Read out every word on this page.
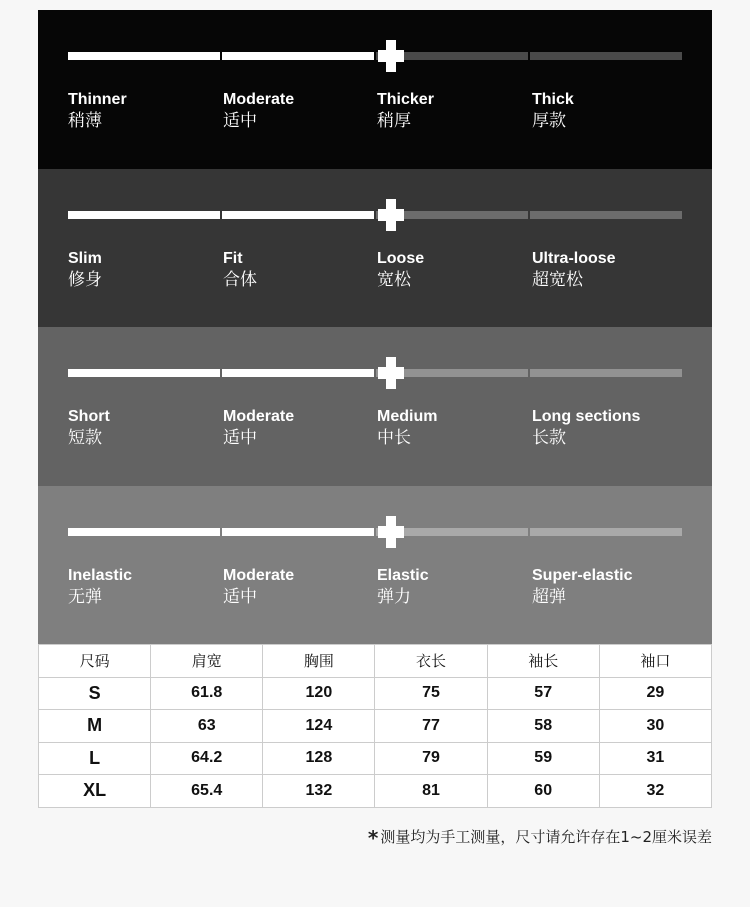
Thinner
稍薄
Moderate
适中
Thicker
稍厚
Thick
厚款
Slim
修身
Fit
合体
Loose
宽松
Ultra-loose
超宽松
Short
短款
Moderate
适中
Medium
中长
Long sections
长款
Inelastic
无弹
Moderate
适中
Elastic
弹力
Super-elastic
超弹
尺码	肩宽	胸围	衣长	袖长	袖口
S	61.8	120	75	57	29
M	63	124	77	58	30
L	64.2	128	79	59	31
XL	65.4	132	81	60	32
* 测量均为手工测量，尺寸请允许存在1~2厘米误差
